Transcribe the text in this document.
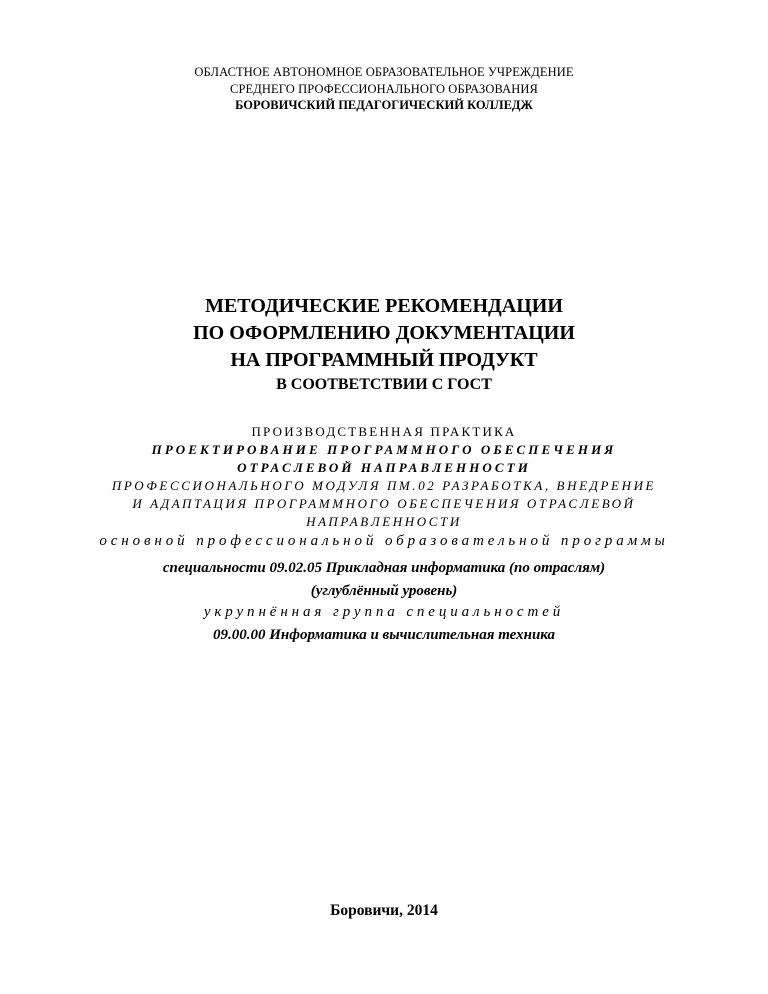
ОБЛАСТНОЕ АВТОНОМНОЕ ОБРАЗОВАТЕЛЬНОЕ УЧРЕЖДЕНИЕ
СРЕДНЕГО ПРОФЕССИОНАЛЬНОГО ОБРАЗОВАНИЯ
БОРОВИЧСКИЙ ПЕДАГОГИЧЕСКИЙ КОЛЛЕДЖ
МЕТОДИЧЕСКИЕ РЕКОМЕНДАЦИИ
ПО ОФОРМЛЕНИЮ ДОКУМЕНТАЦИИ
НА ПРОГРАММНЫЙ ПРОДУКТ
В СООТВЕТСТВИИ С ГОСТ
ПРОИЗВОДСТВЕННАЯ ПРАКТИКА
ПРОЕКТИРОВАНИЕ ПРОГРАММНОГО ОБЕСПЕЧЕНИЯ
ОТРАСЛЕВОЙ НАПРАВЛЕННОСТИ
ПРОФЕССИОНАЛЬНОГО МОДУЛЯ ПМ.02 РАЗРАБОТКА, ВНЕДРЕНИЕ
И АДАПТАЦИЯ ПРОГРАММНОГО ОБЕСПЕЧЕНИЯ ОТРАСЛЕВОЙ
НАПРАВЛЕННОСТИ
основной профессиональной образовательной программы
специальности 09.02.05 Прикладная информатика (по отраслям)
(углублённый уровень)
укрупнённая группа специальностей
09.00.00 Информатика и вычислительная техника
Боровичи, 2014
